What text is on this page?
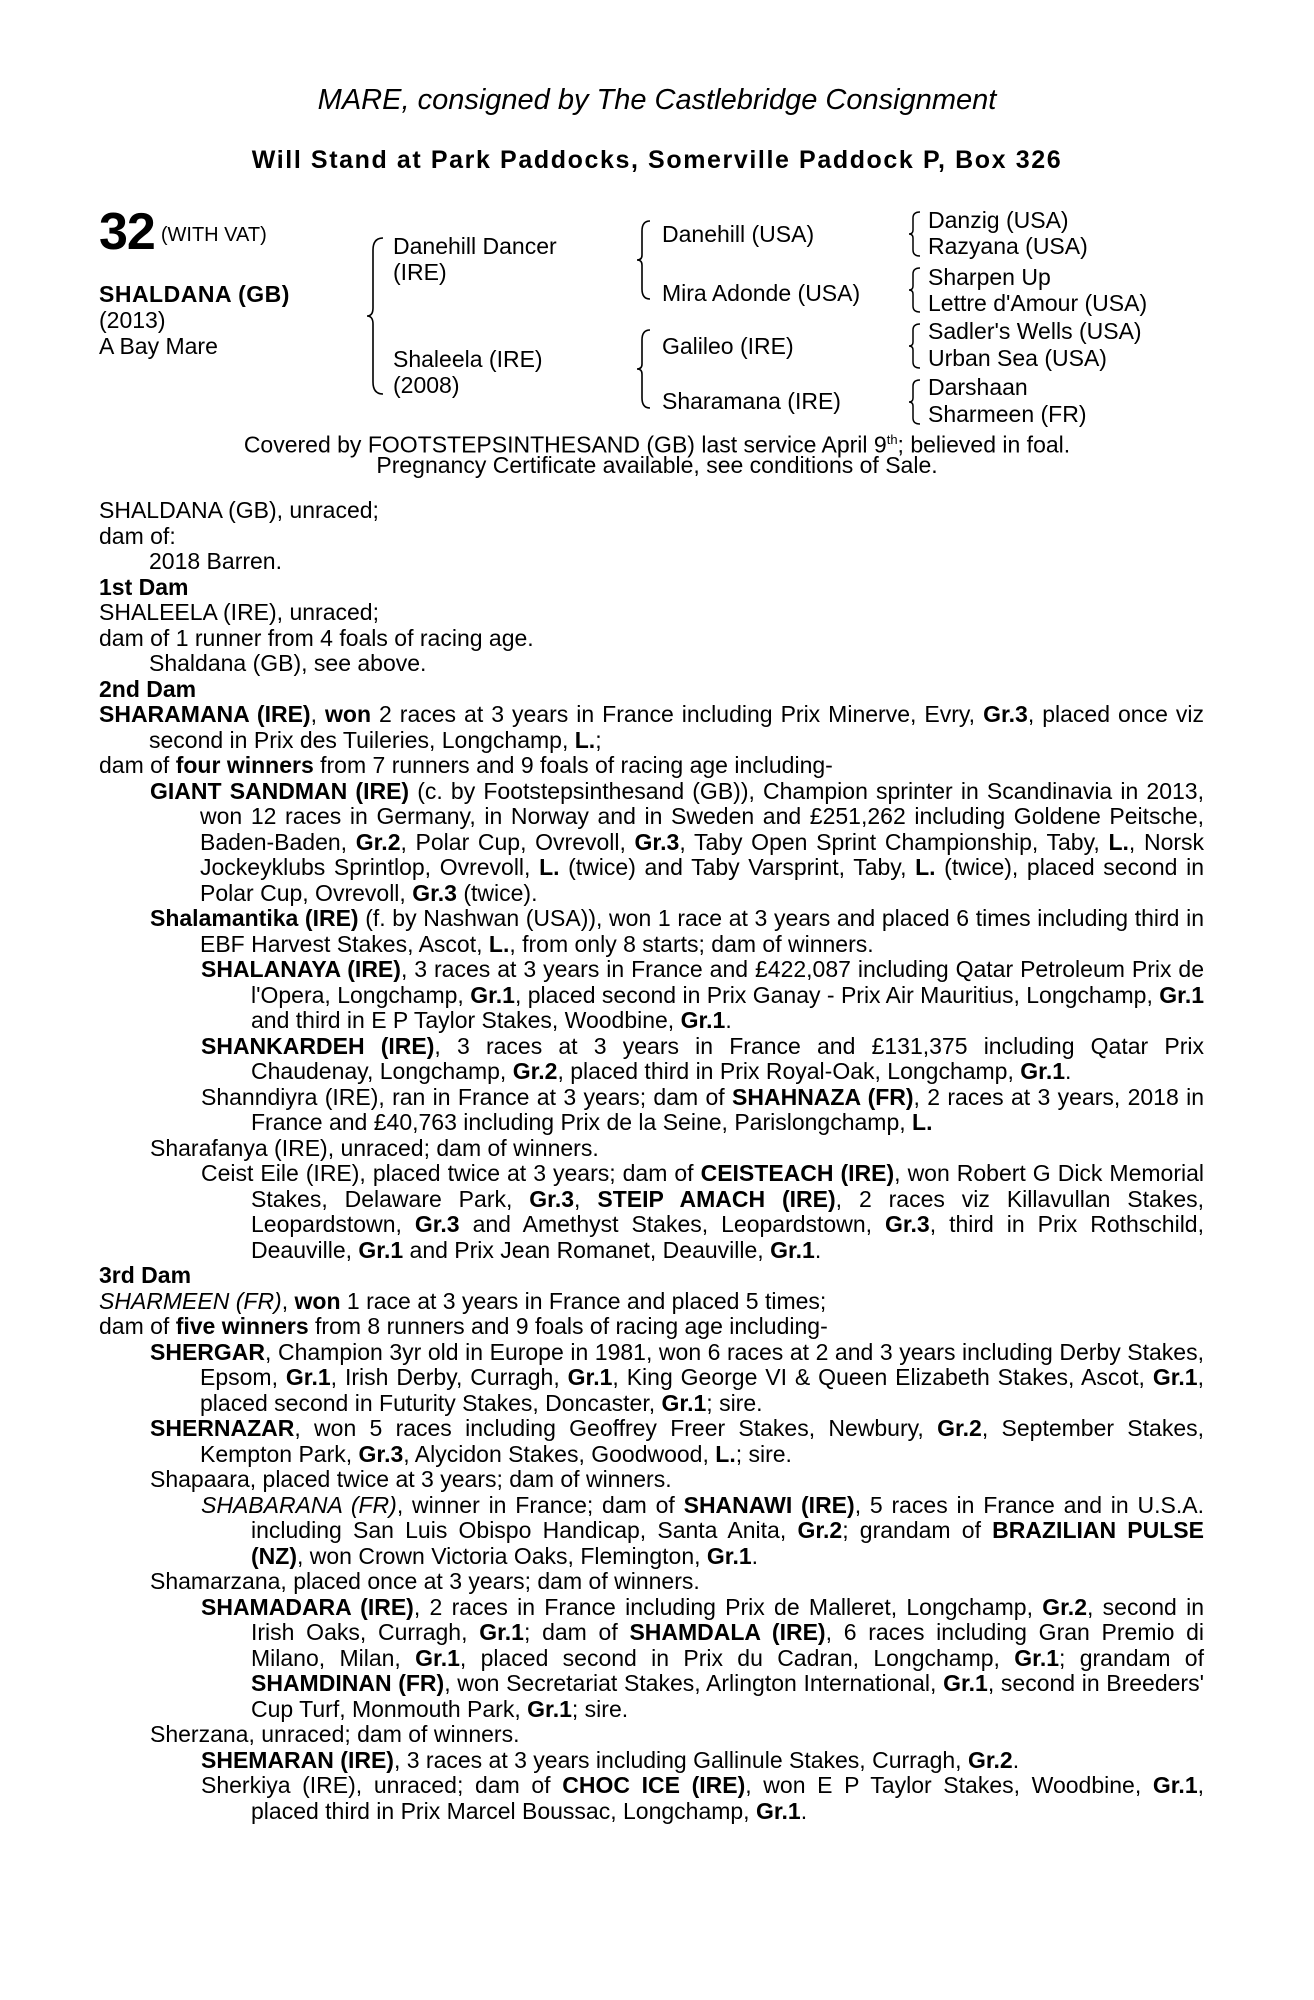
MARE, consigned by The Castlebridge Consignment
Will Stand at Park Paddocks, Somerville Paddock P, Box 326
32 (WITH VAT)
SHALDANA (GB)
(2013)
A Bay Mare
Danehill Dancer
(IRE)
Shaleela (IRE)
(2008)
Danehill (USA)
Mira Adonde (USA)
Galileo (IRE)
Sharamana (IRE)
Danzig (USA)
Razyana (USA)
Sharpen Up
Lettre d'Amour (USA)
Sadler's Wells (USA)
Urban Sea (USA)
Darshaan
Sharmeen (FR)
Covered by FOOTSTEPSINTHESAND (GB) last service April 9th; believed in foal.
Pregnancy Certificate available, see conditions of Sale.

SHALDANA (GB), unraced;

dam of:

2018 Barren.

1st Dam

SHALEELA (IRE), unraced;

dam of 1 runner from 4 foals of racing age.

Shaldana (GB), see above.

2nd Dam

SHARAMANA (IRE), won 2 races at 3 years in France including Prix Minerve, Evry, Gr.3, placed once viz second in Prix des Tuileries, Longchamp, L.;

dam of four winners from 7 runners and 9 foals of racing age including-

GIANT SANDMAN (IRE) (c. by Footstepsinthesand (GB)), Champion sprinter in Scandinavia in 2013, won 12 races in Germany, in Norway and in Sweden and £251,262 including Goldene Peitsche, Baden-Baden, Gr.2, Polar Cup, Ovrevoll, Gr.3, Taby Open Sprint Championship, Taby, L., Norsk Jockeyklubs Sprintlop, Ovrevoll, L. (twice) and Taby Varsprint, Taby, L. (twice), placed second in Polar Cup, Ovrevoll, Gr.3 (twice).

Shalamantika (IRE) (f. by Nashwan (USA)), won 1 race at 3 years and placed 6 times including third in EBF Harvest Stakes, Ascot, L., from only 8 starts; dam of winners.

SHALANAYA (IRE), 3 races at 3 years in France and £422,087 including Qatar Petroleum Prix de l'Opera, Longchamp, Gr.1, placed second in Prix Ganay - Prix Air Mauritius, Longchamp, Gr.1 and third in E P Taylor Stakes, Woodbine, Gr.1.

SHANKARDEH (IRE), 3 races at 3 years in France and £131,375 including Qatar Prix Chaudenay, Longchamp, Gr.2, placed third in Prix Royal-Oak, Longchamp, Gr.1.

Shanndiyra (IRE), ran in France at 3 years; dam of SHAHNAZA (FR), 2 races at 3 years, 2018 in France and £40,763 including Prix de la Seine, Parislongchamp, L.

Sharafanya (IRE), unraced; dam of winners.

Ceist Eile (IRE), placed twice at 3 years; dam of CEISTEACH (IRE), won Robert G Dick Memorial Stakes, Delaware Park, Gr.3, STEIP AMACH (IRE), 2 races viz Killavullan Stakes, Leopardstown, Gr.3 and Amethyst Stakes, Leopardstown, Gr.3, third in Prix Rothschild, Deauville, Gr.1 and Prix Jean Romanet, Deauville, Gr.1.

3rd Dam

SHARMEEN (FR), won 1 race at 3 years in France and placed 5 times;

dam of five winners from 8 runners and 9 foals of racing age including-

SHERGAR, Champion 3yr old in Europe in 1981, won 6 races at 2 and 3 years including Derby Stakes, Epsom, Gr.1, Irish Derby, Curragh, Gr.1, King George VI & Queen Elizabeth Stakes, Ascot, Gr.1, placed second in Futurity Stakes, Doncaster, Gr.1; sire.

SHERNAZAR, won 5 races including Geoffrey Freer Stakes, Newbury, Gr.2, September Stakes, Kempton Park, Gr.3, Alycidon Stakes, Goodwood, L.; sire.

Shapaara, placed twice at 3 years; dam of winners.

SHABARANA (FR), winner in France; dam of SHANAWI (IRE), 5 races in France and in U.S.A. including San Luis Obispo Handicap, Santa Anita, Gr.2; grandam of BRAZILIAN PULSE (NZ), won Crown Victoria Oaks, Flemington, Gr.1.

Shamarzana, placed once at 3 years; dam of winners.

SHAMADARA (IRE), 2 races in France including Prix de Malleret, Longchamp, Gr.2, second in Irish Oaks, Curragh, Gr.1; dam of SHAMDALA (IRE), 6 races including Gran Premio di Milano, Milan, Gr.1, placed second in Prix du Cadran, Longchamp, Gr.1; grandam of SHAMDINAN (FR), won Secretariat Stakes, Arlington International, Gr.1, second in Breeders' Cup Turf, Monmouth Park, Gr.1; sire.

Sherzana, unraced; dam of winners.

SHEMARAN (IRE), 3 races at 3 years including Gallinule Stakes, Curragh, Gr.2.

Sherkiya (IRE), unraced; dam of CHOC ICE (IRE), won E P Taylor Stakes, Woodbine, Gr.1, placed third in Prix Marcel Boussac, Longchamp, Gr.1.
